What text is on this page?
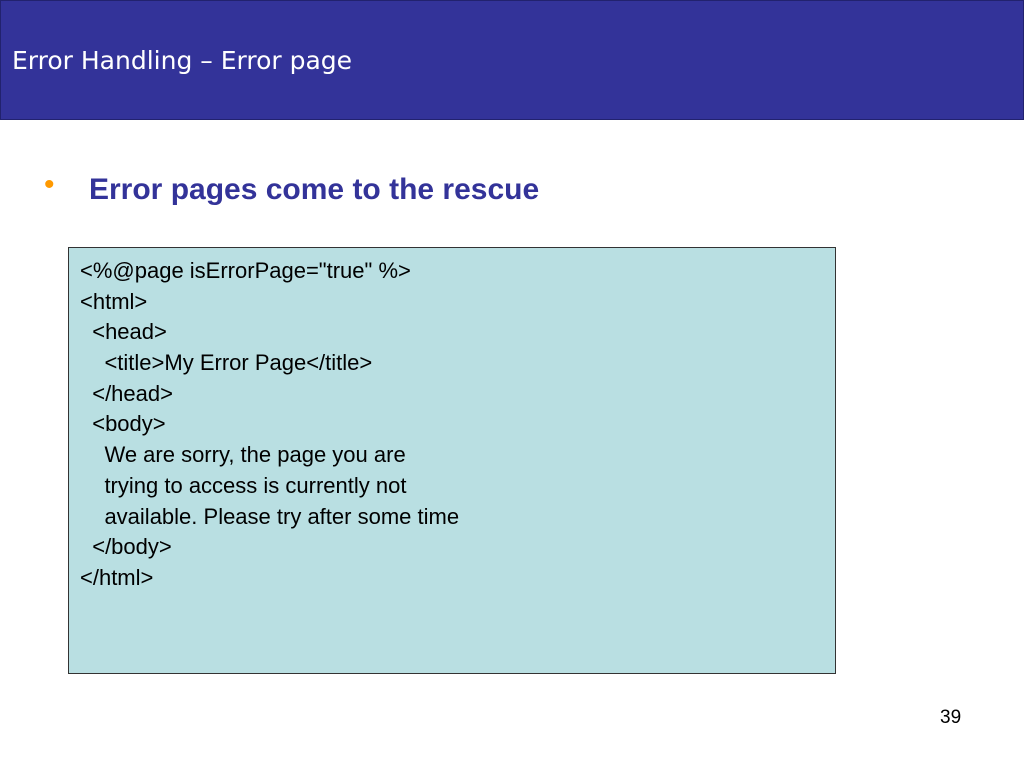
Error Handling – Error page
•	Error pages come to the rescue
<%@page isErrorPage="true" %>
<html>
<head>
<title>My Error Page</title>
</head>
<body>
We are sorry, the page you are
trying to access is currently not
available. Please try after some time
</body>
</html>
39
